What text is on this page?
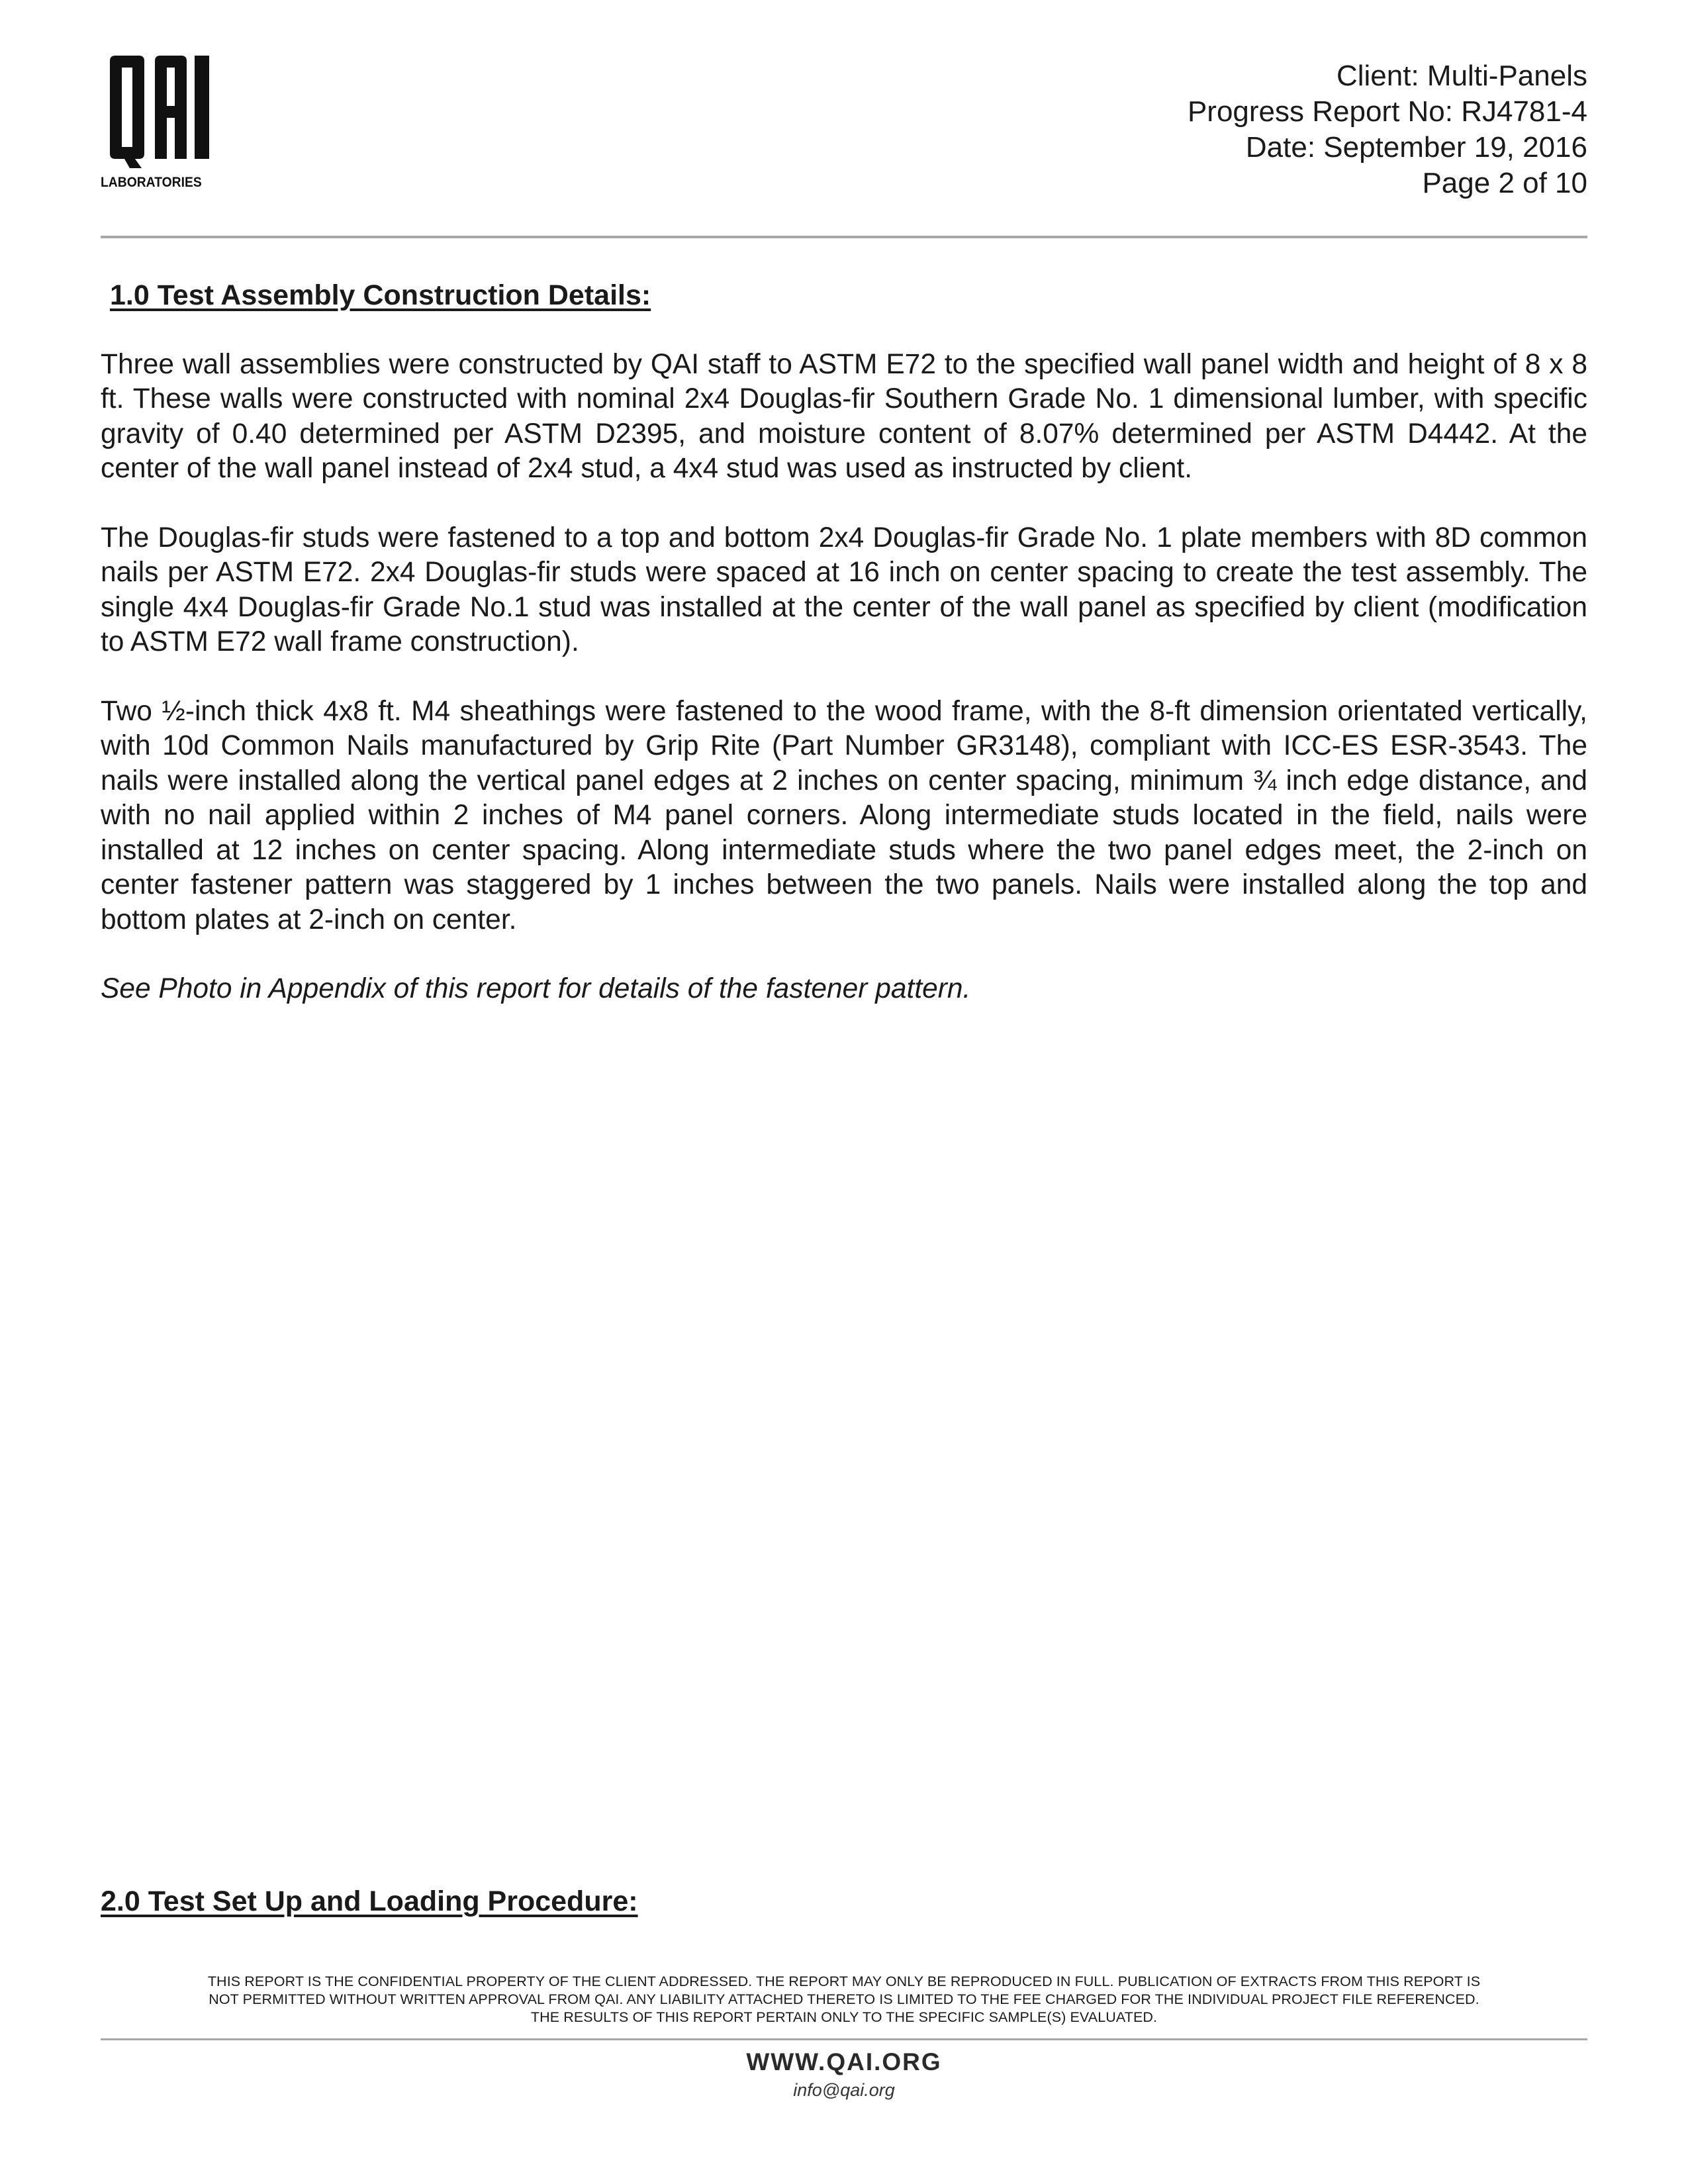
LABORATORIES
Client: Multi-Panels
Progress Report No: RJ4781-4
Date: September 19, 2016
Page 2 of 10

1.0 Test Assembly Construction Details:

Three wall assemblies were constructed by QAI staff to ASTM E72 to the specified wall panel width and height of 8 x 8 ft. These walls were constructed with nominal 2x4 Douglas-fir Southern Grade No. 1 dimensional lumber, with specific gravity of 0.40 determined per ASTM D2395, and moisture content of 8.07% determined per ASTM D4442. At the center of the wall panel instead of 2x4 stud, a 4x4 stud was used as instructed by client.

The Douglas-fir studs were fastened to a top and bottom 2x4 Douglas-fir Grade No. 1 plate members with 8D common nails per ASTM E72. 2x4 Douglas-fir studs were spaced at 16 inch on center spacing to create the test assembly. The single 4x4 Douglas-fir Grade No.1 stud was installed at the center of the wall panel as specified by client (modification to ASTM E72 wall frame construction).

Two ½-inch thick 4x8 ft. M4 sheathings were fastened to the wood frame, with the 8-ft dimension orientated vertically, with 10d Common Nails manufactured by Grip Rite (Part Number GR3148), compliant with ICC-ES ESR-3543. The nails were installed along the vertical panel edges at 2 inches on center spacing, minimum ¾ inch edge distance, and with no nail applied within 2 inches of M4 panel corners. Along intermediate studs located in the field, nails were installed at 12 inches on center spacing. Along intermediate studs where the two panel edges meet, the 2-inch on center fastener pattern was staggered by 1 inches between the two panels. Nails were installed along the top and bottom plates at 2-inch on center.

See Photo in Appendix of this report for details of the fastener pattern.

2.0 Test Set Up and Loading Procedure:

THIS REPORT IS THE CONFIDENTIAL PROPERTY OF THE CLIENT ADDRESSED. THE REPORT MAY ONLY BE REPRODUCED IN FULL. PUBLICATION OF EXTRACTS FROM THIS REPORT IS
NOT PERMITTED WITHOUT WRITTEN APPROVAL FROM QAI. ANY LIABILITY ATTACHED THERETO IS LIMITED TO THE FEE CHARGED FOR THE INDIVIDUAL PROJECT FILE REFERENCED.
THE RESULTS OF THIS REPORT PERTAIN ONLY TO THE SPECIFIC SAMPLE(S) EVALUATED.
WWW.QAI.ORG
info@qai.org
